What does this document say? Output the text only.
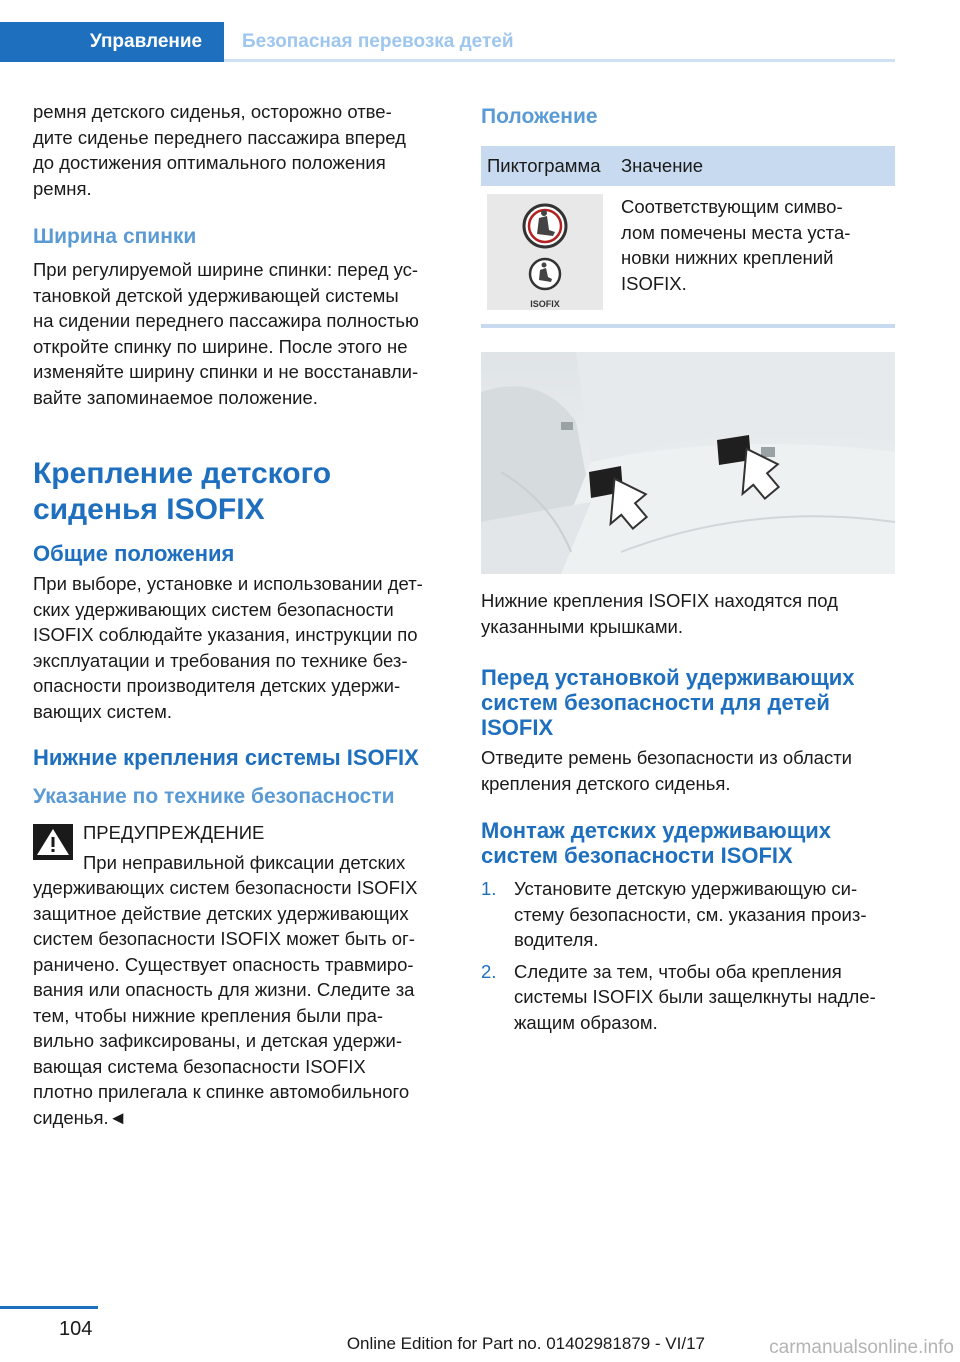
Управление	Безопасная перевозка детей

ремня детского сиденья, осторожно отве-
дите сиденье переднего пассажира вперед
до достижения оптимального положения
ремня.

Ширина спинки

При регулируемой ширине спинки: перед ус-
тановкой детской удерживающей системы
на сидении переднего пассажира полностью
откройте спинку по ширине. После этого не
изменяйте ширину спинки и не восстанавли-
вайте запоминаемое положение.

Крепление детского
сиденья ISOFIX
Общие положения

При выборе, установке и использовании дет-
ских удерживающих систем безопасности
ISOFIX соблюдайте указания, инструкции по
эксплуатации и требования по технике без-
опасности производителя детских удержи-
вающих систем.

Нижние крепления системы ISOFIX
Указание по технике безопасности
ПРЕДУПРЕЖДЕНИЕ
При неправильной фиксации детских

удерживающих систем безопасности ISOFIX
защитное действие детских удерживающих
систем безопасности ISOFIX может быть ог-
раничено. Существует опасность травмиро-
вания или опасность для жизни. Следите за
тем, чтобы нижние крепления были пра-
вильно зафиксированы, и детская удержи-
вающая система безопасности ISOFIX
плотно прилегала к спинке автомобильного
сиденья.◄

Положение
Пиктограмма	Значение

ISOFIX	Соответствующим симво-
лом помечены места уста-
новки нижних креплений
ISOFIX.

Нижние крепления ISOFIX находятся под
указанными крышками.

Перед установкой удерживающих
систем безопасности для детей
ISOFIX

Отведите ремень безопасности из области
крепления детского сиденья.

Монтаж детских удерживающих
систем безопасности ISOFIX
1. Установите детскую удерживающую си-
стему безопасности, см. указания произ-
водителя.
2. Следите за тем, чтобы оба крепления
системы ISOFIX были защелкнуты надле-
жащим образом.
104
Online Edition for Part no. 01402981879 - VI/17	carmanualsonline.info
